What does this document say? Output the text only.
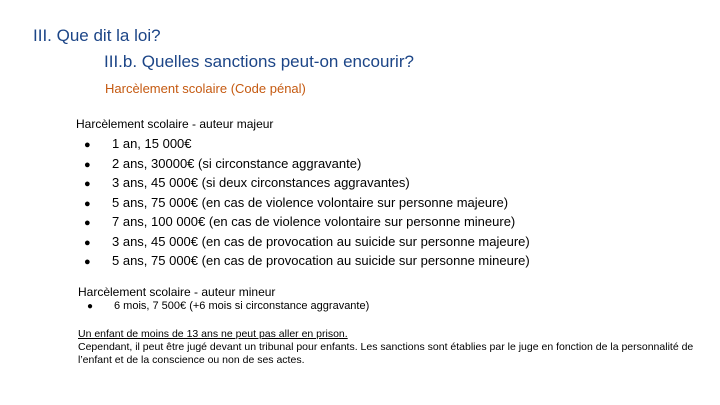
III. Que dit la loi?
III.b. Quelles sanctions peut-on encourir?
Harcèlement scolaire (Code pénal)
Harcèlement scolaire - auteur majeur
● 1 an, 15 000€
● 2 ans, 30000€ (si circonstance aggravante)
● 3 ans, 45 000€ (si deux circonstances aggravantes)
● 5 ans, 75 000€ (en cas de violence volontaire sur personne majeure)
● 7 ans, 100 000€ (en cas de violence volontaire sur personne mineure)
● 3 ans, 45 000€ (en cas de provocation au suicide sur personne majeure)
● 5 ans, 75 000€ (en cas de provocation au suicide sur personne mineure)
Harcèlement scolaire - auteur mineur
● 6 mois, 7 500€ (+6 mois si circonstance aggravante)
Un enfant de moins de 13 ans ne peut pas aller en prison.
Cependant, il peut être jugé devant un tribunal pour enfants. Les sanctions sont établies par le juge en fonction de la personnalité de l’enfant et de la conscience ou non de ses actes.
